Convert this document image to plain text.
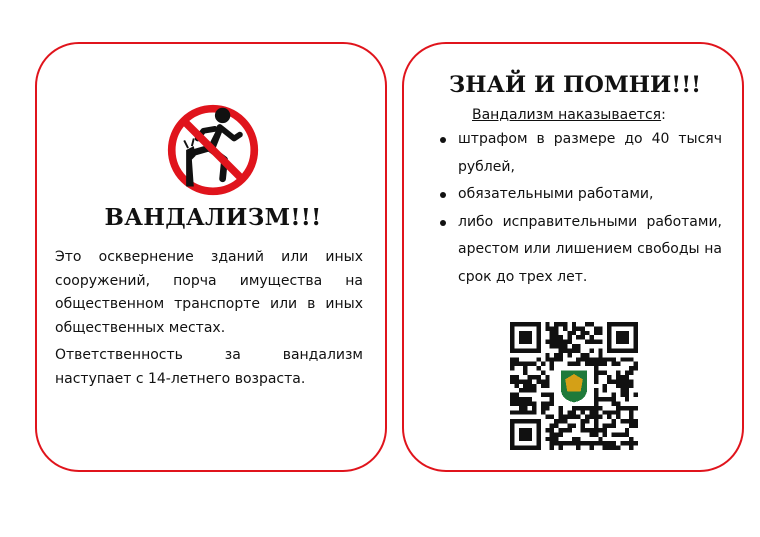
ВАНДАЛИЗМ!!!

Это осквернение зданий или иных сооружений, порча имущества на общественном транспорте или в иных общественных местах.

Ответственность за вандализм наступает с 14-летнего возраста.

ЗНАЙ И ПОМНИ!!!
Вандализм наказывается:
штрафом в размере до 40 тысяч рублей,
обязательными работами,
либо исправительными работами, арестом или лишением свободы на срок до трех лет.
